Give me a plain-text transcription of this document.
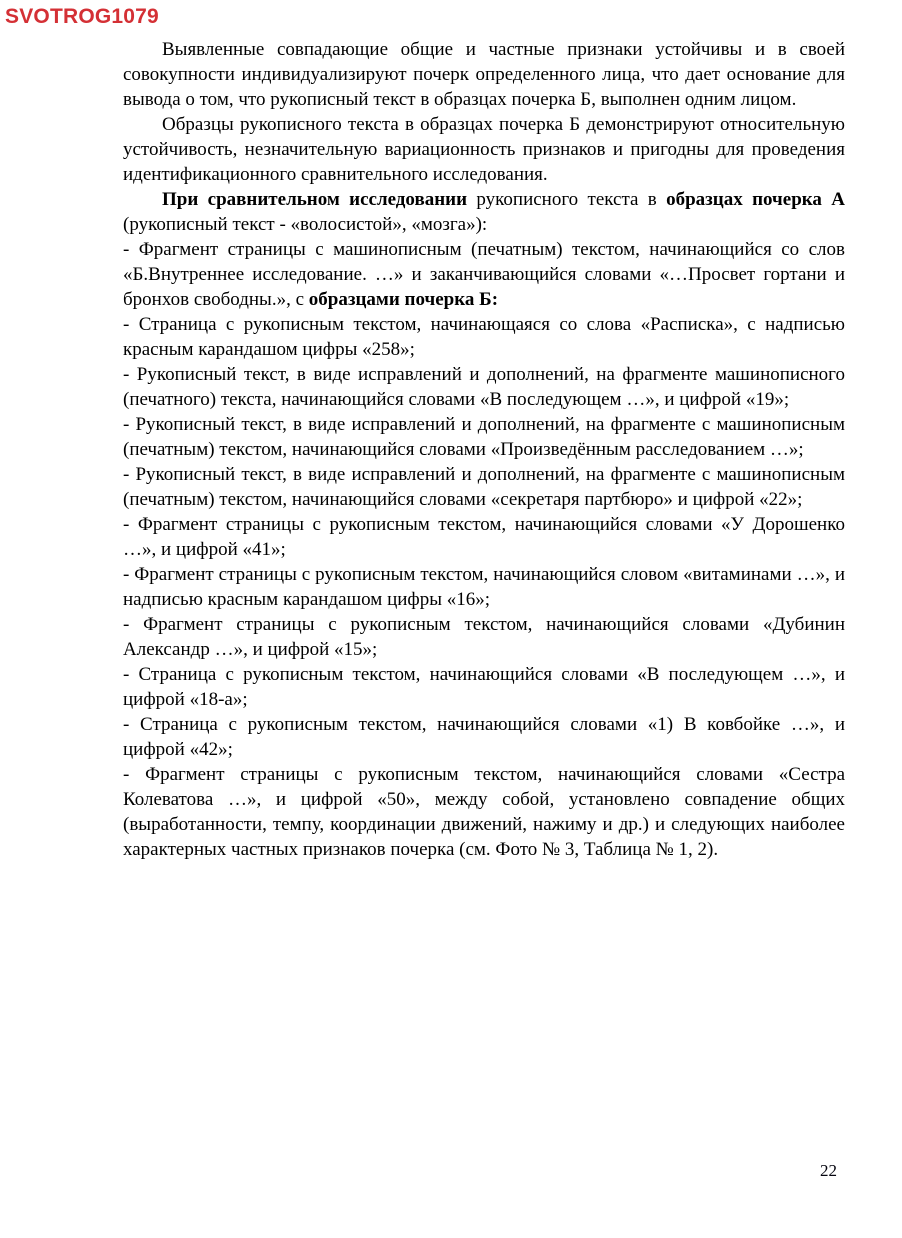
SVOTROG1079

Выявленные совпадающие общие и частные признаки устойчивы и в своей совокупности индивидуализируют почерк определенного лица, что дает основание для вывода о том, что рукописный текст в образцах почерка Б, выполнен одним лицом.

Образцы рукописного текста в образцах почерка Б демонстрируют относительную устойчивость, незначительную вариационность признаков и пригодны для проведения идентификационного сравнительного исследования.

При сравнительном исследовании рукописного текста в образцах почерка А (рукописный текст - «волосистой», «мозга»):

- Фрагмент страницы с машинописным (печатным) текстом, начинающийся со слов «Б.Внутреннее исследование. …» и заканчивающийся словами «…Просвет гортани и бронхов свободны.», с образцами почерка Б:

- Страница с рукописным текстом, начинающаяся со слова «Расписка», с надписью красным карандашом цифры «258»;

- Рукописный текст, в виде исправлений и дополнений, на фрагменте машинописного (печатного) текста, начинающийся словами «В последующем …», и цифрой «19»;

- Рукописный текст, в виде исправлений и дополнений, на фрагменте с машинописным (печатным) текстом, начинающийся словами «Произведённым расследованием …»;

- Рукописный текст, в виде исправлений и дополнений, на фрагменте с машинописным (печатным) текстом, начинающийся словами «секретаря партбюро» и цифрой «22»;

- Фрагмент страницы с рукописным текстом, начинающийся словами «У Дорошенко …», и цифрой «41»;

- Фрагмент страницы с рукописным текстом, начинающийся словом «витаминами …», и надписью красным карандашом цифры «16»;

- Фрагмент страницы с рукописным текстом, начинающийся словами «Дубинин Александр …», и цифрой «15»;

- Страница с рукописным текстом, начинающийся словами «В последующем …», и цифрой «18-а»;

- Страница с рукописным текстом, начинающийся словами «1) В ковбойке …», и цифрой «42»;

- Фрагмент страницы с рукописным текстом, начинающийся словами «Сестра Колеватова …», и цифрой «50», между собой, установлено совпадение общих (выработанности, темпу, координации движений, нажиму и др.) и следующих наиболее характерных частных признаков почерка (см. Фото № 3, Таблица № 1, 2).

22
